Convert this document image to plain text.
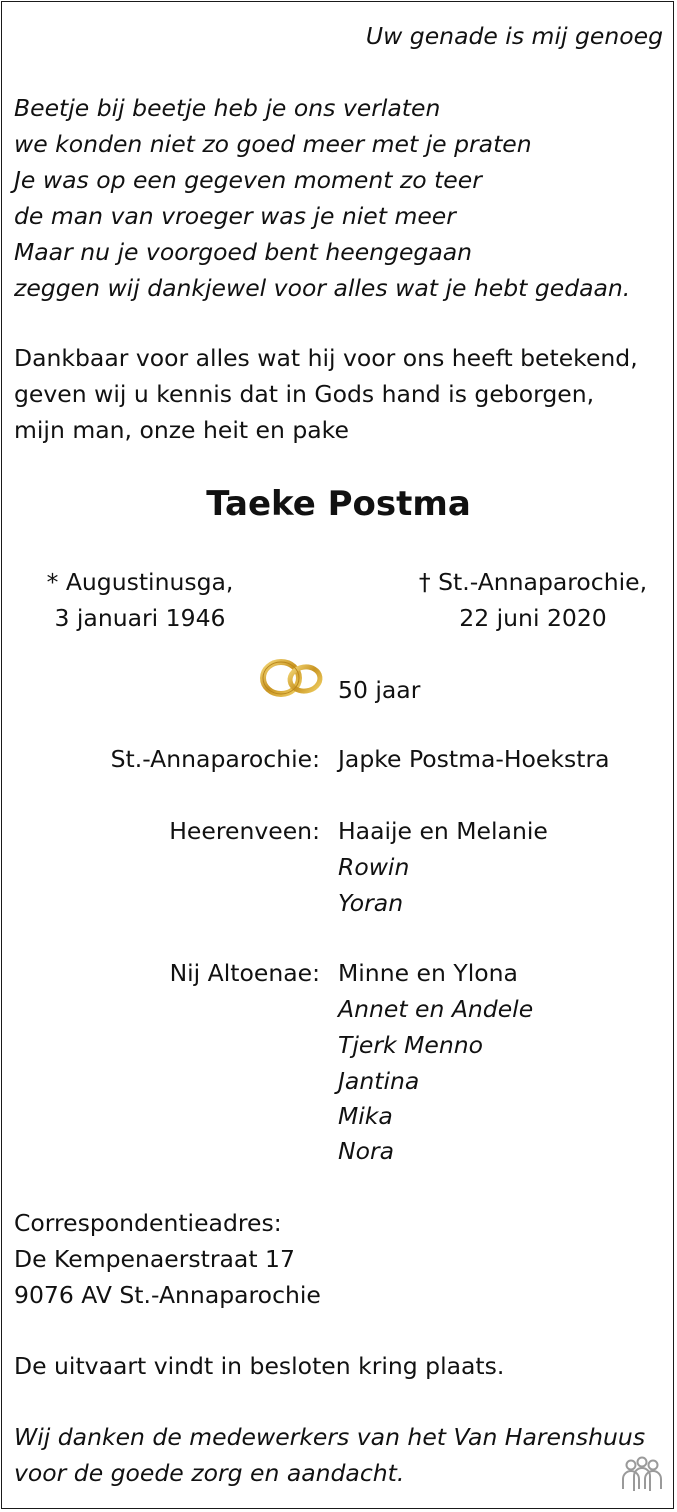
Uw genade is mij genoeg
Beetje bij beetje heb je ons verlaten
we konden niet zo goed meer met je praten
Je was op een gegeven moment zo teer
de man van vroeger was je niet meer
Maar nu je voorgoed bent heengegaan
zeggen wij dankjewel voor alles wat je hebt gedaan.
Dankbaar voor alles wat hij voor ons heeft betekend,
geven wij u kennis dat in Gods hand is geborgen,
mijn man, onze heit en pake
Taeke Postma
* Augustinusga,
3 januari 1946
† St.-Annaparochie,
22 juni 2020
50 jaar
St.-Annaparochie: Japke Postma-Hoekstra
Heerenveen: Haaije en Melanie
Rowin
Yoran
Nij Altoenae: Minne en Ylona
Annet en Andele
Tjerk Menno
Jantina
Mika
Nora
Correspondentieadres:
De Kempenaerstraat 17
9076 AV St.-Annaparochie
De uitvaart vindt in besloten kring plaats.
Wij danken de medewerkers van het Van Harenshuus
voor de goede zorg en aandacht.
